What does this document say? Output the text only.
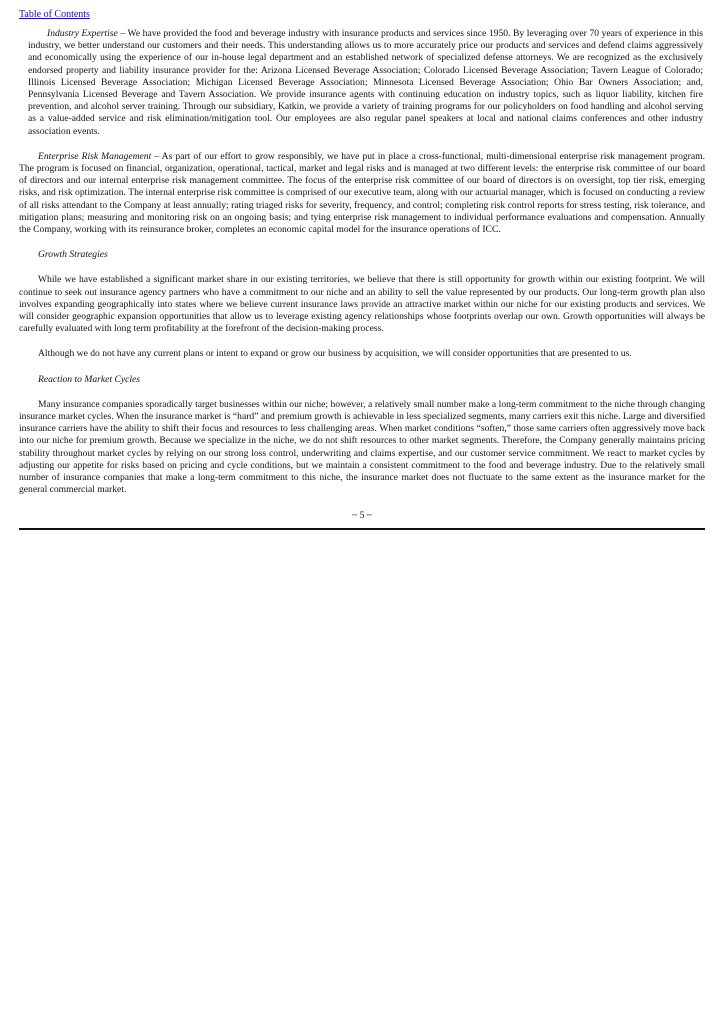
Table of Contents

Industry Expertise – We have provided the food and beverage industry with insurance products and services since 1950. By leveraging over 70 years of experience in this industry, we better understand our customers and their needs. This understanding allows us to more accurately price our products and services and defend claims aggressively and economically using the experience of our in-house legal department and an established network of specialized defense attorneys. We are recognized as the exclusively endorsed property and liability insurance provider for the: Arizona Licensed Beverage Association; Colorado Licensed Beverage Association; Tavern League of Colorado; Illinois Licensed Beverage Association; Michigan Licensed Beverage Association; Minnesota Licensed Beverage Association; Ohio Bar Owners Association; and, Pennsylvania Licensed Beverage and Tavern Association. We provide insurance agents with continuing education on industry topics, such as liquor liability, kitchen fire prevention, and alcohol server training. Through our subsidiary, Katkin, we provide a variety of training programs for our policyholders on food handling and alcohol serving as a value-added service and risk elimination/mitigation tool. Our employees are also regular panel speakers at local and national claims conferences and other industry association events.

Enterprise Risk Management – As part of our effort to grow responsibly, we have put in place a cross-functional, multi-dimensional enterprise risk management program. The program is focused on financial, organization, operational, tactical, market and legal risks and is managed at two different levels: the enterprise risk committee of our board of directors and our internal enterprise risk management committee. The focus of the enterprise risk committee of our board of directors is on oversight, top tier risk, emerging risks, and risk optimization. The internal enterprise risk committee is comprised of our executive team, along with our actuarial manager, which is focused on conducting a review of all risks attendant to the Company at least annually; rating triaged risks for severity, frequency, and control; completing risk control reports for stress testing, risk tolerance, and mitigation plans; measuring and monitoring risk on an ongoing basis; and tying enterprise risk management to individual performance evaluations and compensation. Annually the Company, working with its reinsurance broker, completes an economic capital model for the insurance operations of ICC.

Growth Strategies

While we have established a significant market share in our existing territories, we believe that there is still opportunity for growth within our existing footprint. We will continue to seek out insurance agency partners who have a commitment to our niche and an ability to sell the value represented by our products. Our long-term growth plan also involves expanding geographically into states where we believe current insurance laws provide an attractive market within our niche for our existing products and services. We will consider geographic expansion opportunities that allow us to leverage existing agency relationships whose footprints overlap our own. Growth opportunities will always be carefully evaluated with long term profitability at the forefront of the decision-making process.

Although we do not have any current plans or intent to expand or grow our business by acquisition, we will consider opportunities that are presented to us.

Reaction to Market Cycles

Many insurance companies sporadically target businesses within our niche; however, a relatively small number make a long-term commitment to the niche through changing insurance market cycles. When the insurance market is “hard” and premium growth is achievable in less specialized segments, many carriers exit this niche. Large and diversified insurance carriers have the ability to shift their focus and resources to less challenging areas. When market conditions “soften,” those same carriers often aggressively move back into our niche for premium growth. Because we specialize in the niche, we do not shift resources to other market segments. Therefore, the Company generally maintains pricing stability throughout market cycles by relying on our strong loss control, underwriting and claims expertise, and our customer service commitment. We react to market cycles by adjusting our appetite for risks based on pricing and cycle conditions, but we maintain a consistent commitment to the food and beverage industry. Due to the relatively small number of insurance companies that make a long-term commitment to this niche, the insurance market does not fluctuate to the same extent as the insurance market for the general commercial market.

~ 5 ~
